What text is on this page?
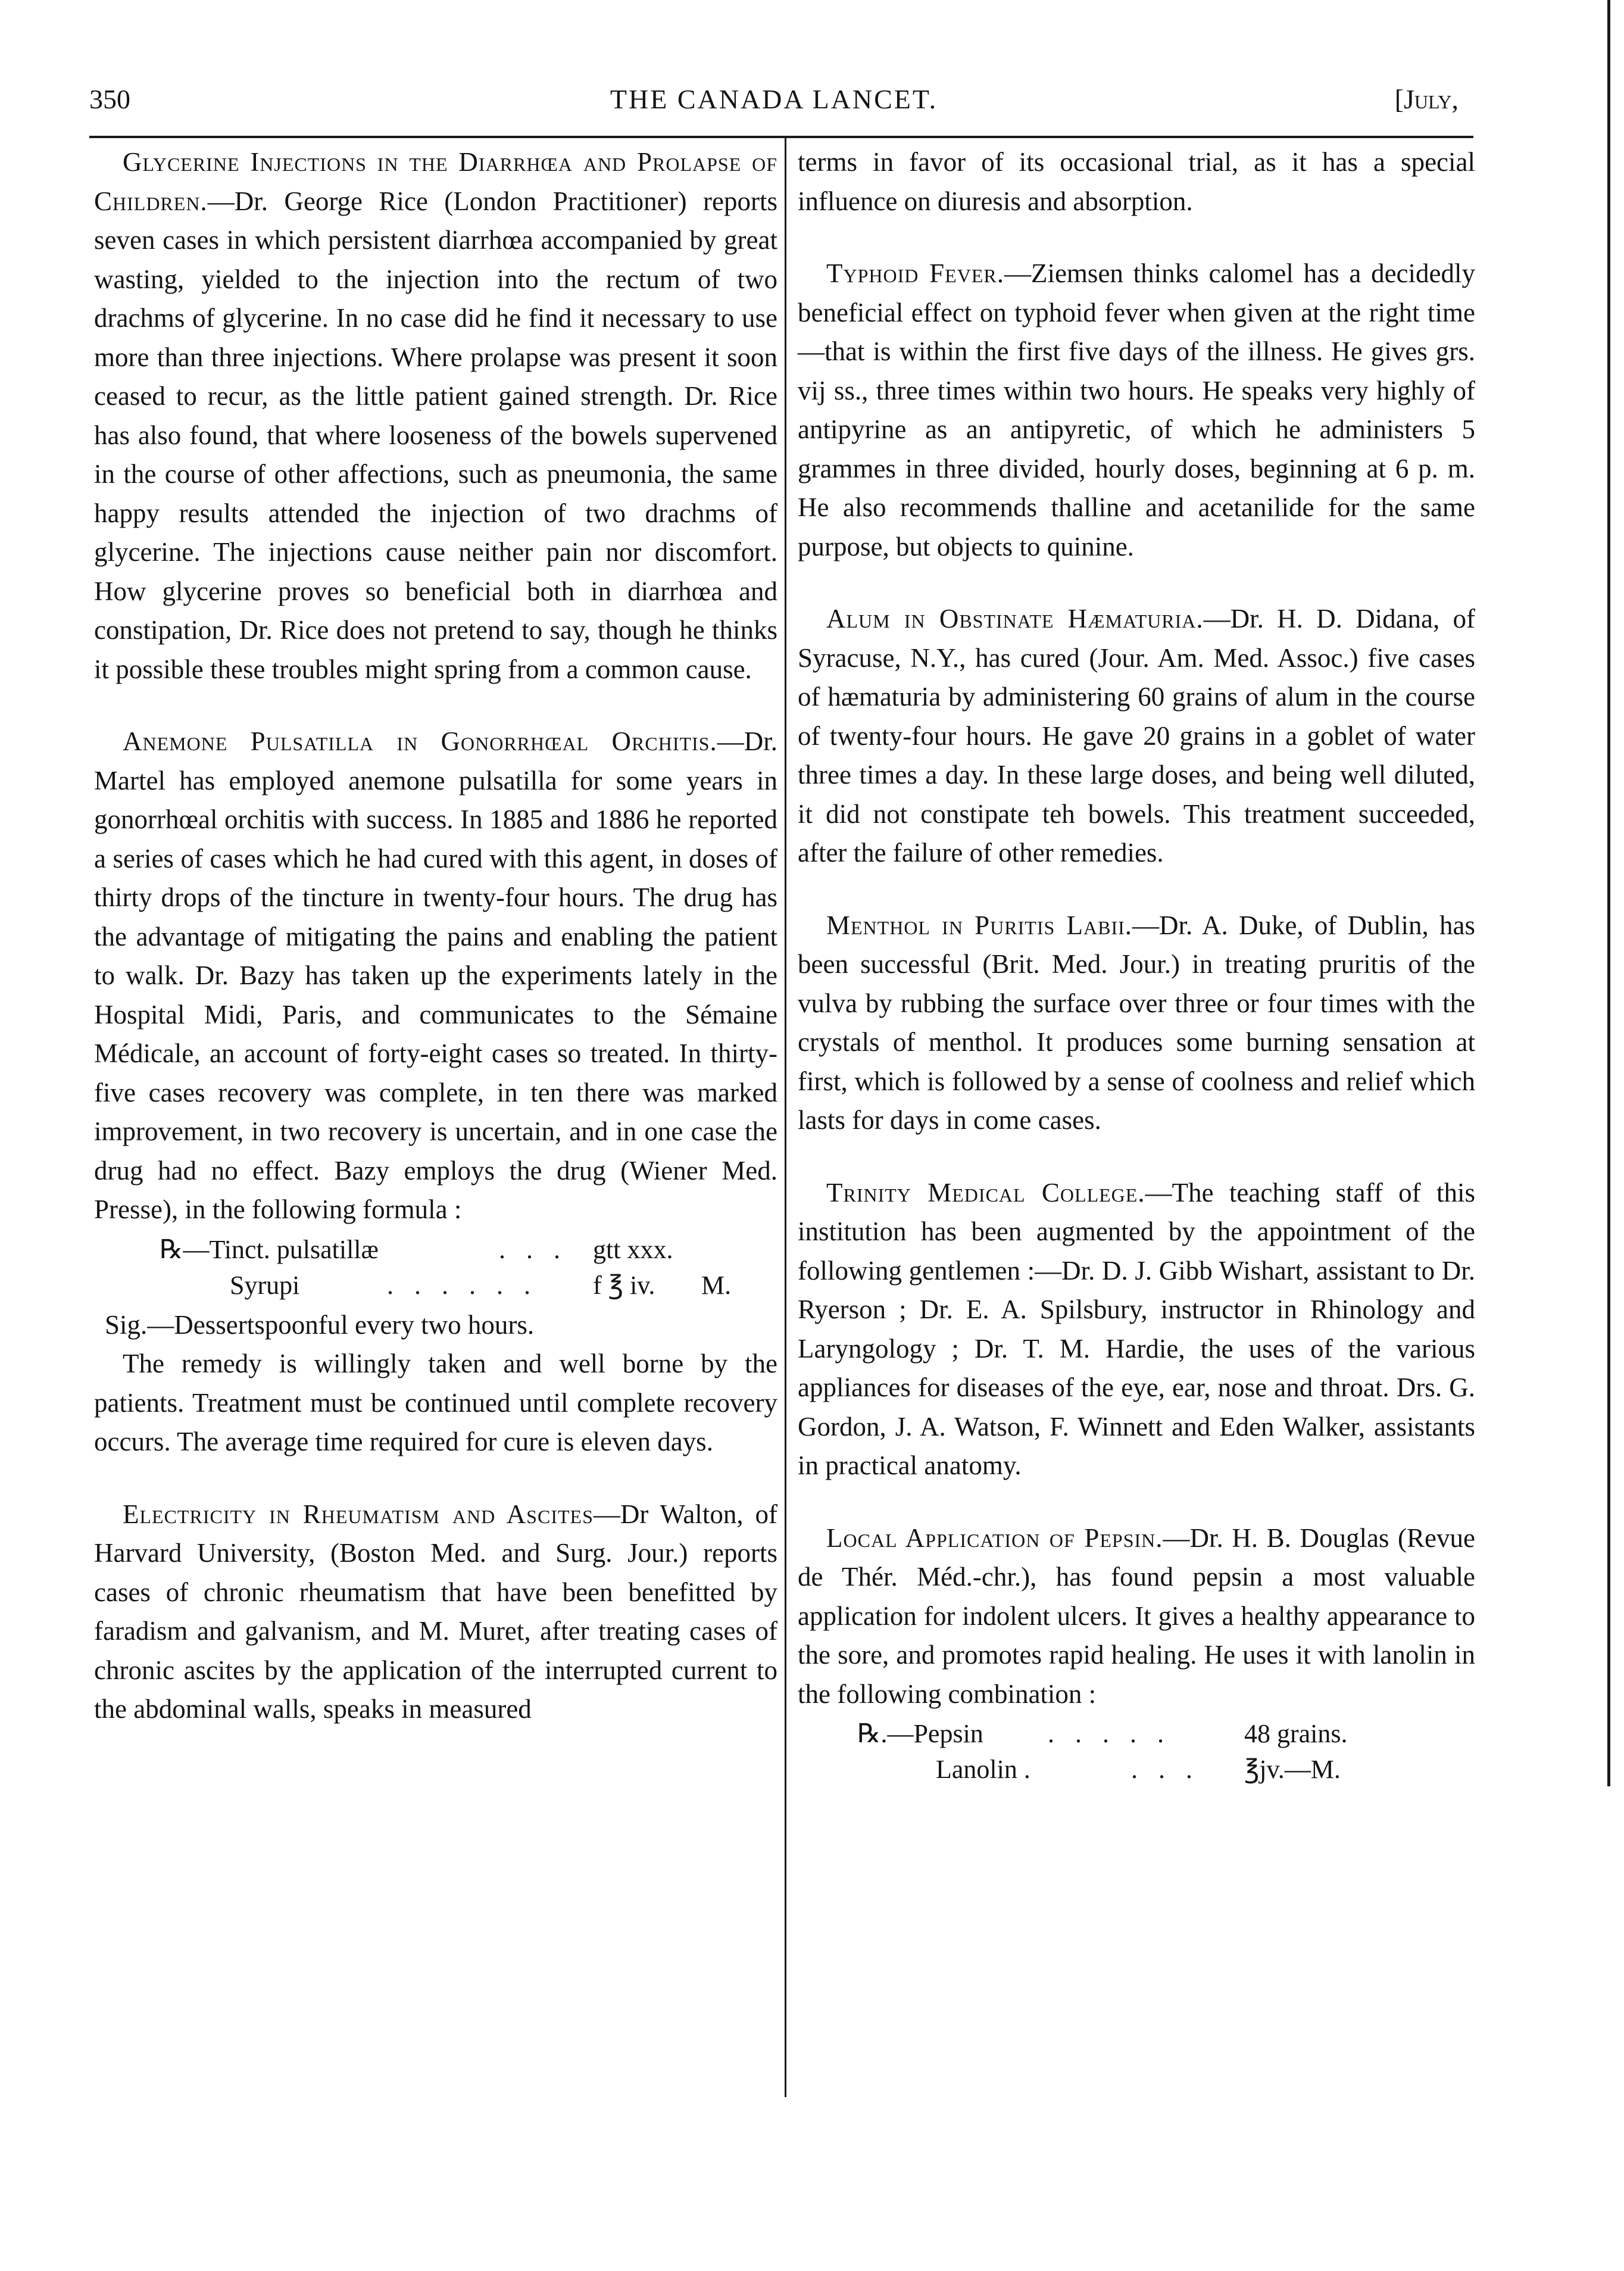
350	THE CANADA LANCET.	[July,

Glycerine Injections in the Diarrhœa and Prolapse of Children.—Dr. George Rice (London Practitioner) reports seven cases in which persistent diarrhœa accompanied by great wasting, yielded to the injection into the rectum of two drachms of glycerine. In no case did he find it necessary to use more than three injections. Where prolapse was present it soon ceased to recur, as the little patient gained strength. Dr. Rice has also found, that where looseness of the bowels supervened in the course of other affections, such as pneumonia, the same happy results attended the injection of two drachms of glycerine. The injections cause neither pain nor discomfort. How glycerine proves so beneficial both in diarrhœa and constipation, Dr. Rice does not pretend to say, though he thinks it possible these troubles might spring from a common cause.

Anemone Pulsatilla in Gonorrhœal Orchitis.—Dr. Martel has employed anemone pulsatilla for some years in gonorrhœal orchitis with success. In 1885 and 1886 he reported a series of cases which he had cured with this agent, in doses of thirty drops of the tincture in twenty-four hours. The drug has the advantage of mitigating the pains and enabling the patient to walk. Dr. Bazy has taken up the experiments lately in the Hospital Midi, Paris, and communicates to the Sémaine Médicale, an account of forty-eight cases so treated. In thirty-five cases recovery was complete, in ten there was marked improvement, in two recovery is uncertain, and in one case the drug had no effect. Bazy employs the drug (Wiener Med. Presse), in the following formula :

℞—Tinct. pulsatillæ	. . . gtt xxx.
Syrupi	. . . . . . f ℥ iv. M.

Sig.—Dessertspoonful every two hours.

The remedy is willingly taken and well borne by the patients. Treatment must be continued until complete recovery occurs. The average time required for cure is eleven days.

Electricity in Rheumatism and Ascites—Dr Walton, of Harvard University, (Boston Med. and Surg. Jour.) reports cases of chronic rheumatism that have been benefitted by faradism and galvanism, and M. Muret, after treating cases of chronic ascites by the application of the interrupted current to the abdominal walls, speaks in measured

terms in favor of its occasional trial, as it has a special influence on diuresis and absorption.

Typhoid Fever.—Ziemsen thinks calomel has a decidedly beneficial effect on typhoid fever when given at the right time—that is within the first five days of the illness. He gives grs. vij ss., three times within two hours. He speaks very highly of antipyrine as an antipyretic, of which he administers 5 grammes in three divided, hourly doses, beginning at 6 p. m. He also recommends thalline and acetanilide for the same purpose, but objects to quinine.

Alum in Obstinate Hæmaturia.—Dr. H. D. Didana, of Syracuse, N.Y., has cured (Jour. Am. Med. Assoc.) five cases of hæmaturia by administering 60 grains of alum in the course of twenty-four hours. He gave 20 grains in a goblet of water three times a day. In these large doses, and being well diluted, it did not constipate teh bowels. This treatment succeeded, after the failure of other remedies.

Menthol in Puritis Labii.—Dr. A. Duke, of Dublin, has been successful (Brit. Med. Jour.) in treating pruritis of the vulva by rubbing the surface over three or four times with the crystals of menthol. It produces some burning sensation at first, which is followed by a sense of coolness and relief which lasts for days in come cases.

Trinity Medical College.—The teaching staff of this institution has been augmented by the appointment of the following gentlemen :—Dr. D. J. Gibb Wishart, assistant to Dr. Ryerson ; Dr. E. A. Spilsbury, instructor in Rhinology and Laryngology ; Dr. T. M. Hardie, the uses of the various appliances for diseases of the eye, ear, nose and throat. Drs. G. Gordon, J. A. Watson, F. Winnett and Eden Walker, assistants in practical anatomy.

Local Application of Pepsin.—Dr. H. B. Douglas (Revue de Thér. Méd.-chr.), has found pepsin a most valuable application for indolent ulcers. It gives a healthy appearance to the sore, and promotes rapid healing. He uses it with lanolin in the following combination :

℞.—Pepsin . . . . .	48 grains.
Lanolin .	. . . ℥jv.—M.
